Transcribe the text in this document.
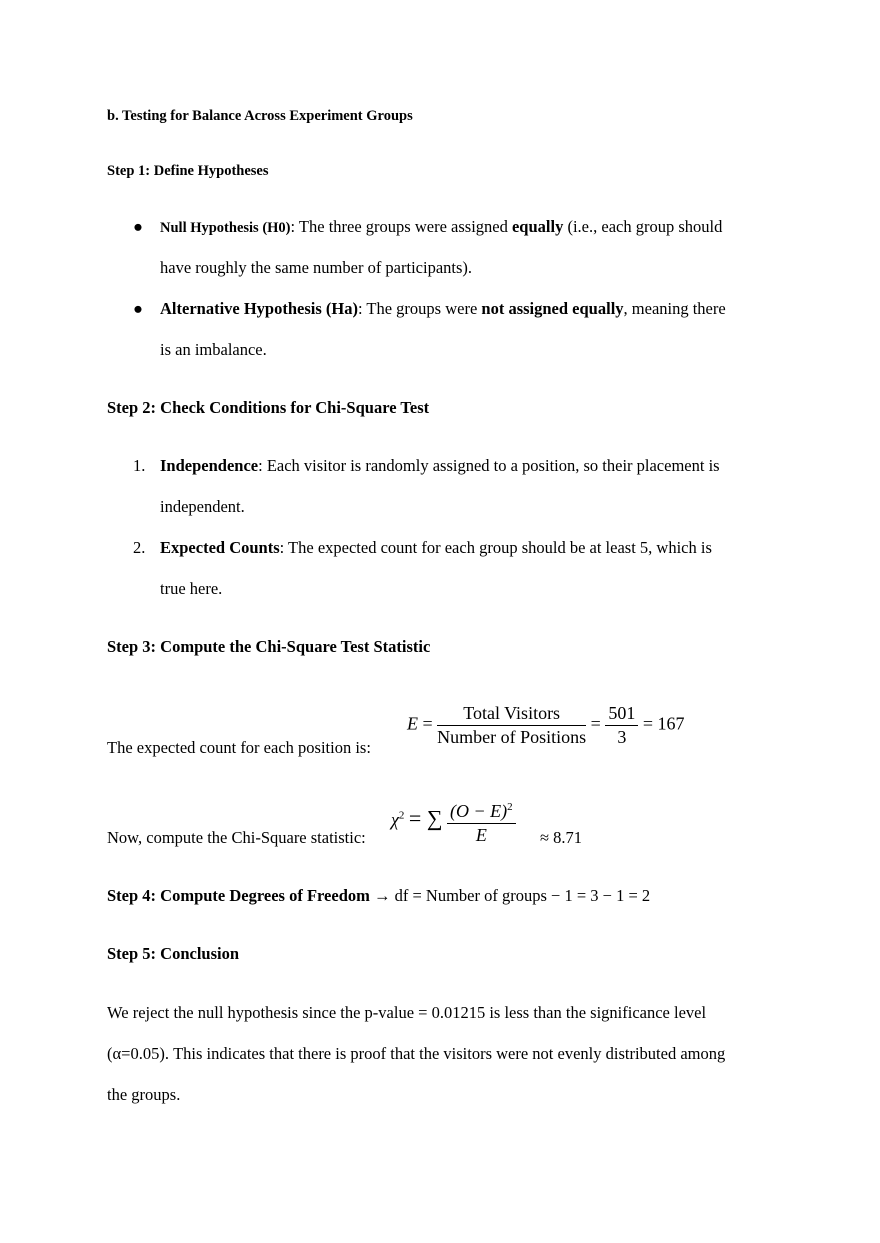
b. Testing for Balance Across Experiment Groups
Step 1: Define Hypotheses
● Null Hypothesis (H0): The three groups were assigned equally (i.e., each group should
have roughly the same number of participants).
● Alternative Hypothesis (Ha): The groups were not assigned equally, meaning there
is an imbalance.
Step 2: Check Conditions for Chi-Square Test
1. Independence: Each visitor is randomly assigned to a position, so their placement is
independent.
2. Expected Counts: The expected count for each group should be at least 5, which is
true here.
Step 3: Compute the Chi-Square Test Statistic
The expected count for each position is:
$E = \frac{\text{Total Visitors}}{\text{Number of Positions}} = \frac{501}{3} = 167$
Now, compute the Chi-Square statistic:
$\chi^2$ = ∑ $\frac{(O - E)^2}{E} \approx 8.71$
Step 4: Compute Degrees of Freedom → df = Number of groups − 1 = 3 − 1 = 2
Step 5: Conclusion
We reject the null hypothesis since the p-value = 0.01215 is less than the significance level
(α=0.05). This indicates that there is proof that the visitors were not evenly distributed among
the groups.
